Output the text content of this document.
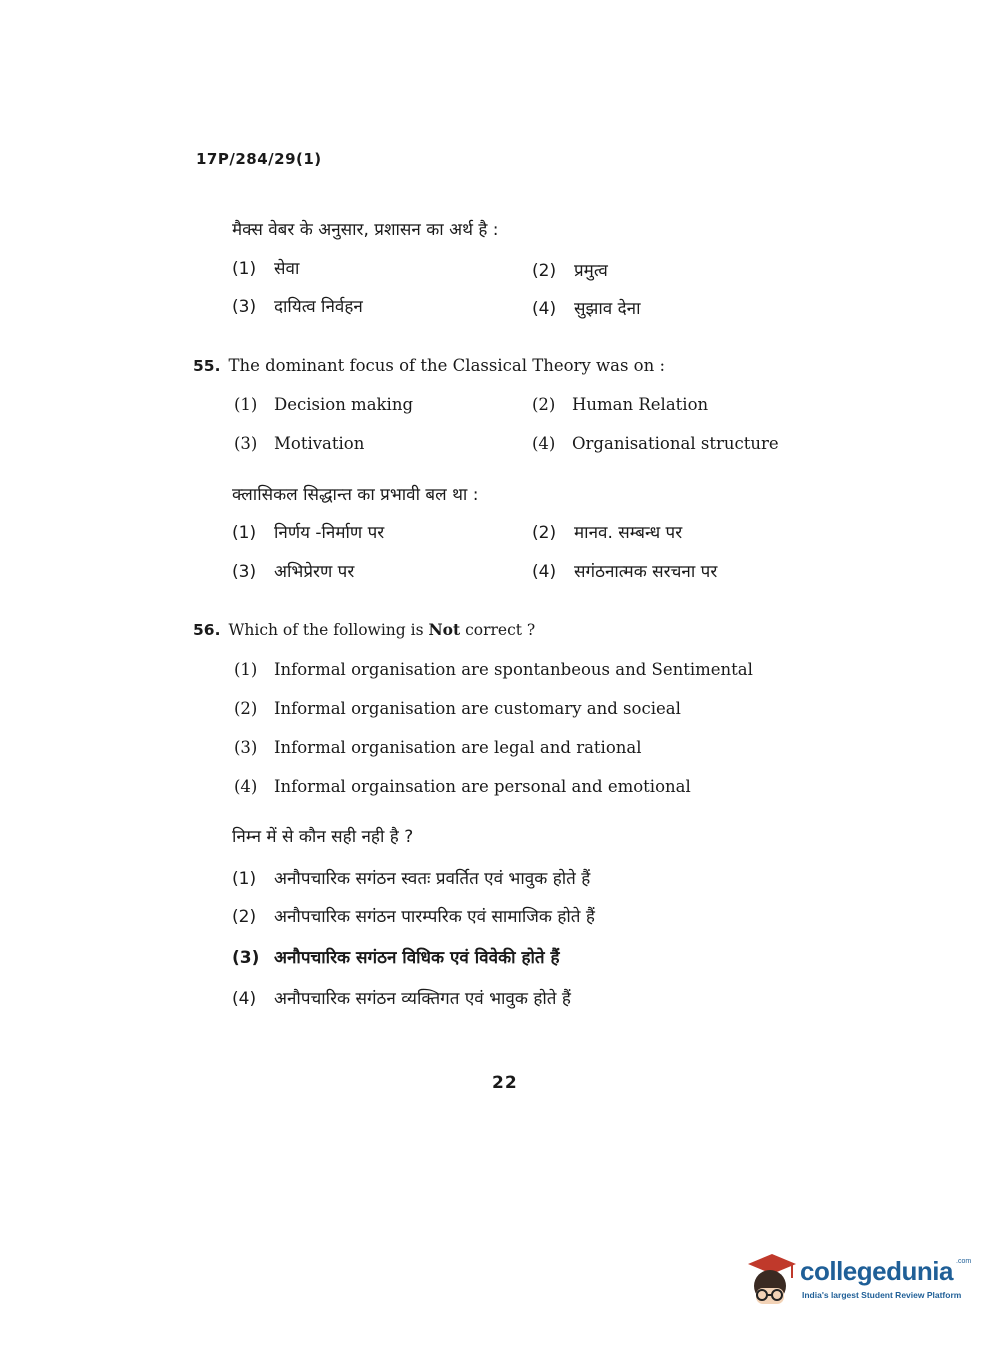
17P/284/29(1)
मैक्स वेबर के अनुसार, प्रशासन का अर्थ है :
(1) सेवा	(2) प्रमुत्व
(3) दायित्व निर्वहन	(4) सुझाव देना
55. The dominant focus of the Classical Theory was on :
(1) Decision making	(2) Human Relation
(3) Motivation	(4) Organisational structure
क्लासिकल सिद्धान्त का प्रभावी बल था :
(1) निर्णय -निर्माण पर	(2) मानव. सम्बन्ध पर
(3) अभिप्रेरण पर	(4) सगंठनात्मक सरचना पर
56. Which of the following is Not correct ?
(1) Informal organisation are spontanbeous and Sentimental
(2) Informal organisation are customary and socieal
(3) Informal organisation are legal and rational
(4) Informal orgainsation are personal and emotional
निम्न में से कौन सही नही है ?
(1) अनौपचारिक सगंठन स्वतः प्रवर्तित एवं भावुक होते हैं
(2) अनौपचारिक सगंठन पारम्परिक एवं सामाजिक होते हैं
(3) अनौपचारिक सगंठन विधिक एवं विवेकी होते हैं
(4) अनौपचारिक सगंठन व्यक्तिगत एवं भावुक होते हैं
22
collegedunia .com
India's largest Student Review Platform
